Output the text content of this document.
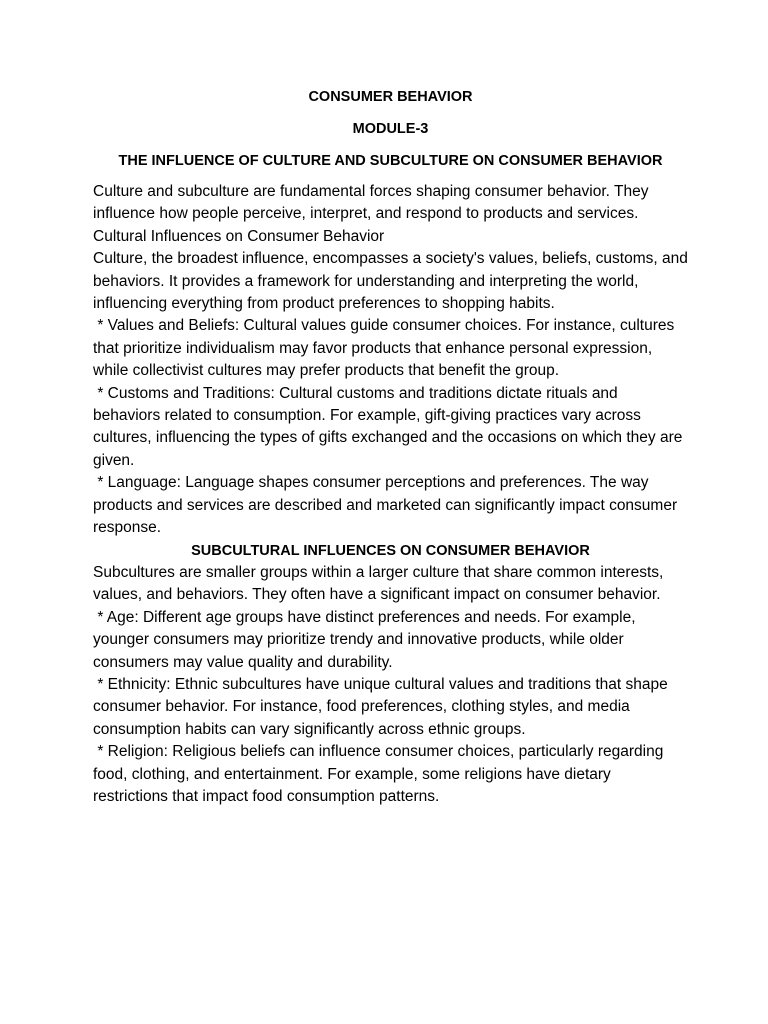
CONSUMER BEHAVIOR

MODULE-3

THE INFLUENCE OF CULTURE AND SUBCULTURE ON CONSUMER BEHAVIOR

Culture and subculture are fundamental forces shaping consumer behavior. They influence how people perceive, interpret, and respond to products and services.

Cultural Influences on Consumer Behavior

Culture, the broadest influence, encompasses a society's values, beliefs, customs, and behaviors. It provides a framework for understanding and interpreting the world, influencing everything from product preferences to shopping habits.

* Values and Beliefs: Cultural values guide consumer choices. For instance, cultures that prioritize individualism may favor products that enhance personal expression, while collectivist cultures may prefer products that benefit the group.

* Customs and Traditions: Cultural customs and traditions dictate rituals and behaviors related to consumption. For example, gift-giving practices vary across cultures, influencing the types of gifts exchanged and the occasions on which they are given.

* Language: Language shapes consumer perceptions and preferences. The way products and services are described and marketed can significantly impact consumer response.

SUBCULTURAL INFLUENCES ON CONSUMER BEHAVIOR

Subcultures are smaller groups within a larger culture that share common interests, values, and behaviors. They often have a significant impact on consumer behavior.

* Age: Different age groups have distinct preferences and needs. For example, younger consumers may prioritize trendy and innovative products, while older consumers may value quality and durability.

* Ethnicity: Ethnic subcultures have unique cultural values and traditions that shape consumer behavior. For instance, food preferences, clothing styles, and media consumption habits can vary significantly across ethnic groups.

* Religion: Religious beliefs can influence consumer choices, particularly regarding food, clothing, and entertainment. For example, some religions have dietary restrictions that impact food consumption patterns.
